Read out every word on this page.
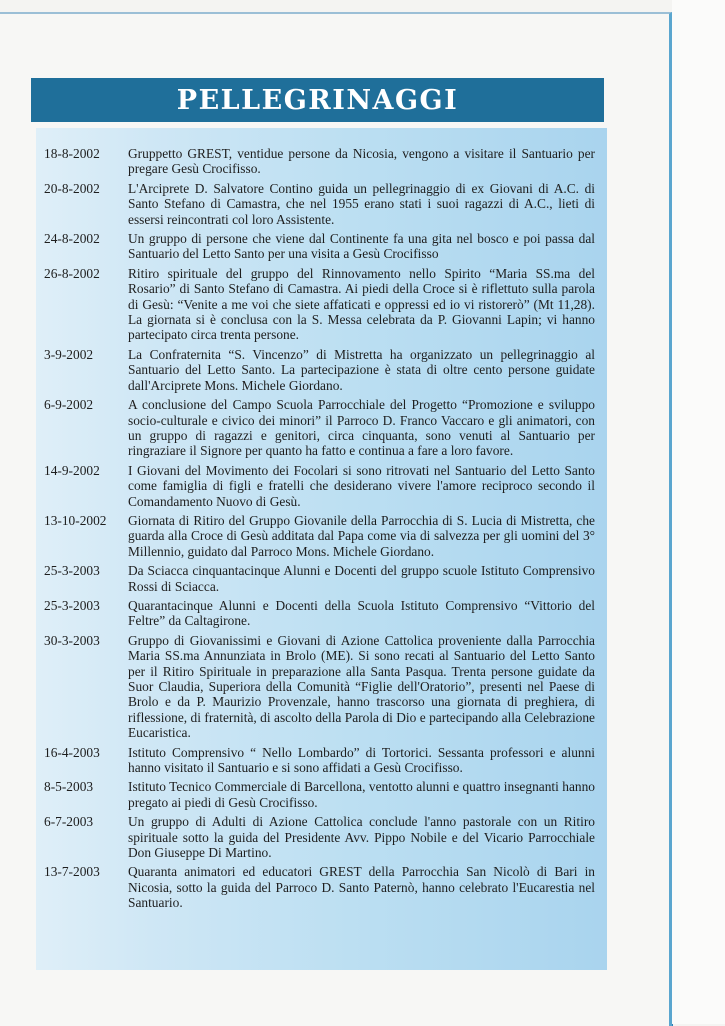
PELLEGRINAGGI
18-8-2002	Gruppetto GREST, ventidue persone da Nicosia, vengono a visitare il Santuario per pregare Gesù Crocifisso.
20-8-2002	L'Arciprete D. Salvatore Contino guida un pellegrinaggio di ex Giovani di A.C. di Santo Stefano di Camastra, che nel 1955 erano stati i suoi ragazzi di A.C., lieti di essersi reincontrati col loro Assistente.
24-8-2002	Un gruppo di persone che viene dal Continente fa una gita nel bosco e poi passa dal Santuario del Letto Santo per una visita a Gesù Crocifisso
26-8-2002	Ritiro spirituale del gruppo del Rinnovamento nello Spirito “Maria SS.ma del Rosario” di Santo Stefano di Camastra. Ai piedi della Croce si è riflettuto sulla parola di Gesù: “Venite a me voi che siete affaticati e oppressi ed io vi ristorerò” (Mt 11,28). La giornata si è conclusa con la S. Messa celebrata da P. Giovanni Lapin; vi hanno partecipato circa trenta persone.
3-9-2002	La Confraternita “S. Vincenzo” di Mistretta ha organizzato un pellegrinaggio al Santuario del Letto Santo. La partecipazione è stata di oltre cento persone guidate dall'Arciprete Mons. Michele Giordano.
6-9-2002	A conclusione del Campo Scuola Parrocchiale del Progetto “Promozione e sviluppo socio-culturale e civico dei minori” il Parroco D. Franco Vaccaro e gli animatori, con un gruppo di ragazzi e genitori, circa cinquanta, sono venuti al Santuario per ringraziare il Signore per quanto ha fatto e continua a fare a loro favore.
14-9-2002	I Giovani del Movimento dei Focolari si sono ritrovati nel Santuario del Letto Santo come famiglia di figli e fratelli che desiderano vivere l'amore reciproco secondo il Comandamento Nuovo di Gesù.
13-10-2002	Giornata di Ritiro del Gruppo Giovanile della Parrocchia di S. Lucia di Mistretta, che guarda alla Croce di Gesù additata dal Papa come via di salvezza per gli uomini del 3° Millennio, guidato dal Parroco Mons. Michele Giordano.
25-3-2003	Da Sciacca cinquantacinque Alunni e Docenti del gruppo scuole Istituto Comprensivo Rossi di Sciacca.
25-3-2003	Quarantacinque Alunni e Docenti della Scuola Istituto Comprensivo “Vittorio del Feltre” da Caltagirone.
30-3-2003	Gruppo di Giovanissimi e Giovani di Azione Cattolica proveniente dalla Parrocchia Maria SS.ma Annunziata in Brolo (ME). Si sono recati al Santuario del Letto Santo per il Ritiro Spirituale in preparazione alla Santa Pasqua. Trenta persone guidate da Suor Claudia, Superiora della Comunità “Figlie dell'Oratorio”, presenti nel Paese di Brolo e da P. Maurizio Provenzale, hanno trascorso una giornata di preghiera, di riflessione, di fraternità, di ascolto della Parola di Dio e partecipando alla Celebrazione Eucaristica.
16-4-2003	Istituto Comprensivo “ Nello Lombardo” di Tortorici. Sessanta professori e alunni hanno visitato il Santuario e si sono affidati a Gesù Crocifisso.
8-5-2003	Istituto Tecnico Commerciale di Barcellona, ventotto alunni e quattro insegnanti hanno pregato ai piedi di Gesù Crocifisso.
6-7-2003	Un gruppo di Adulti di Azione Cattolica conclude l'anno pastorale con un Ritiro spirituale sotto la guida del Presidente Avv. Pippo Nobile e del Vicario Parrocchiale Don Giuseppe Di Martino.
13-7-2003	Quaranta animatori ed educatori GREST della Parrocchia San Nicolò di Bari in Nicosia, sotto la guida del Parroco D. Santo Paternò, hanno celebrato l'Eucarestia nel Santuario.
